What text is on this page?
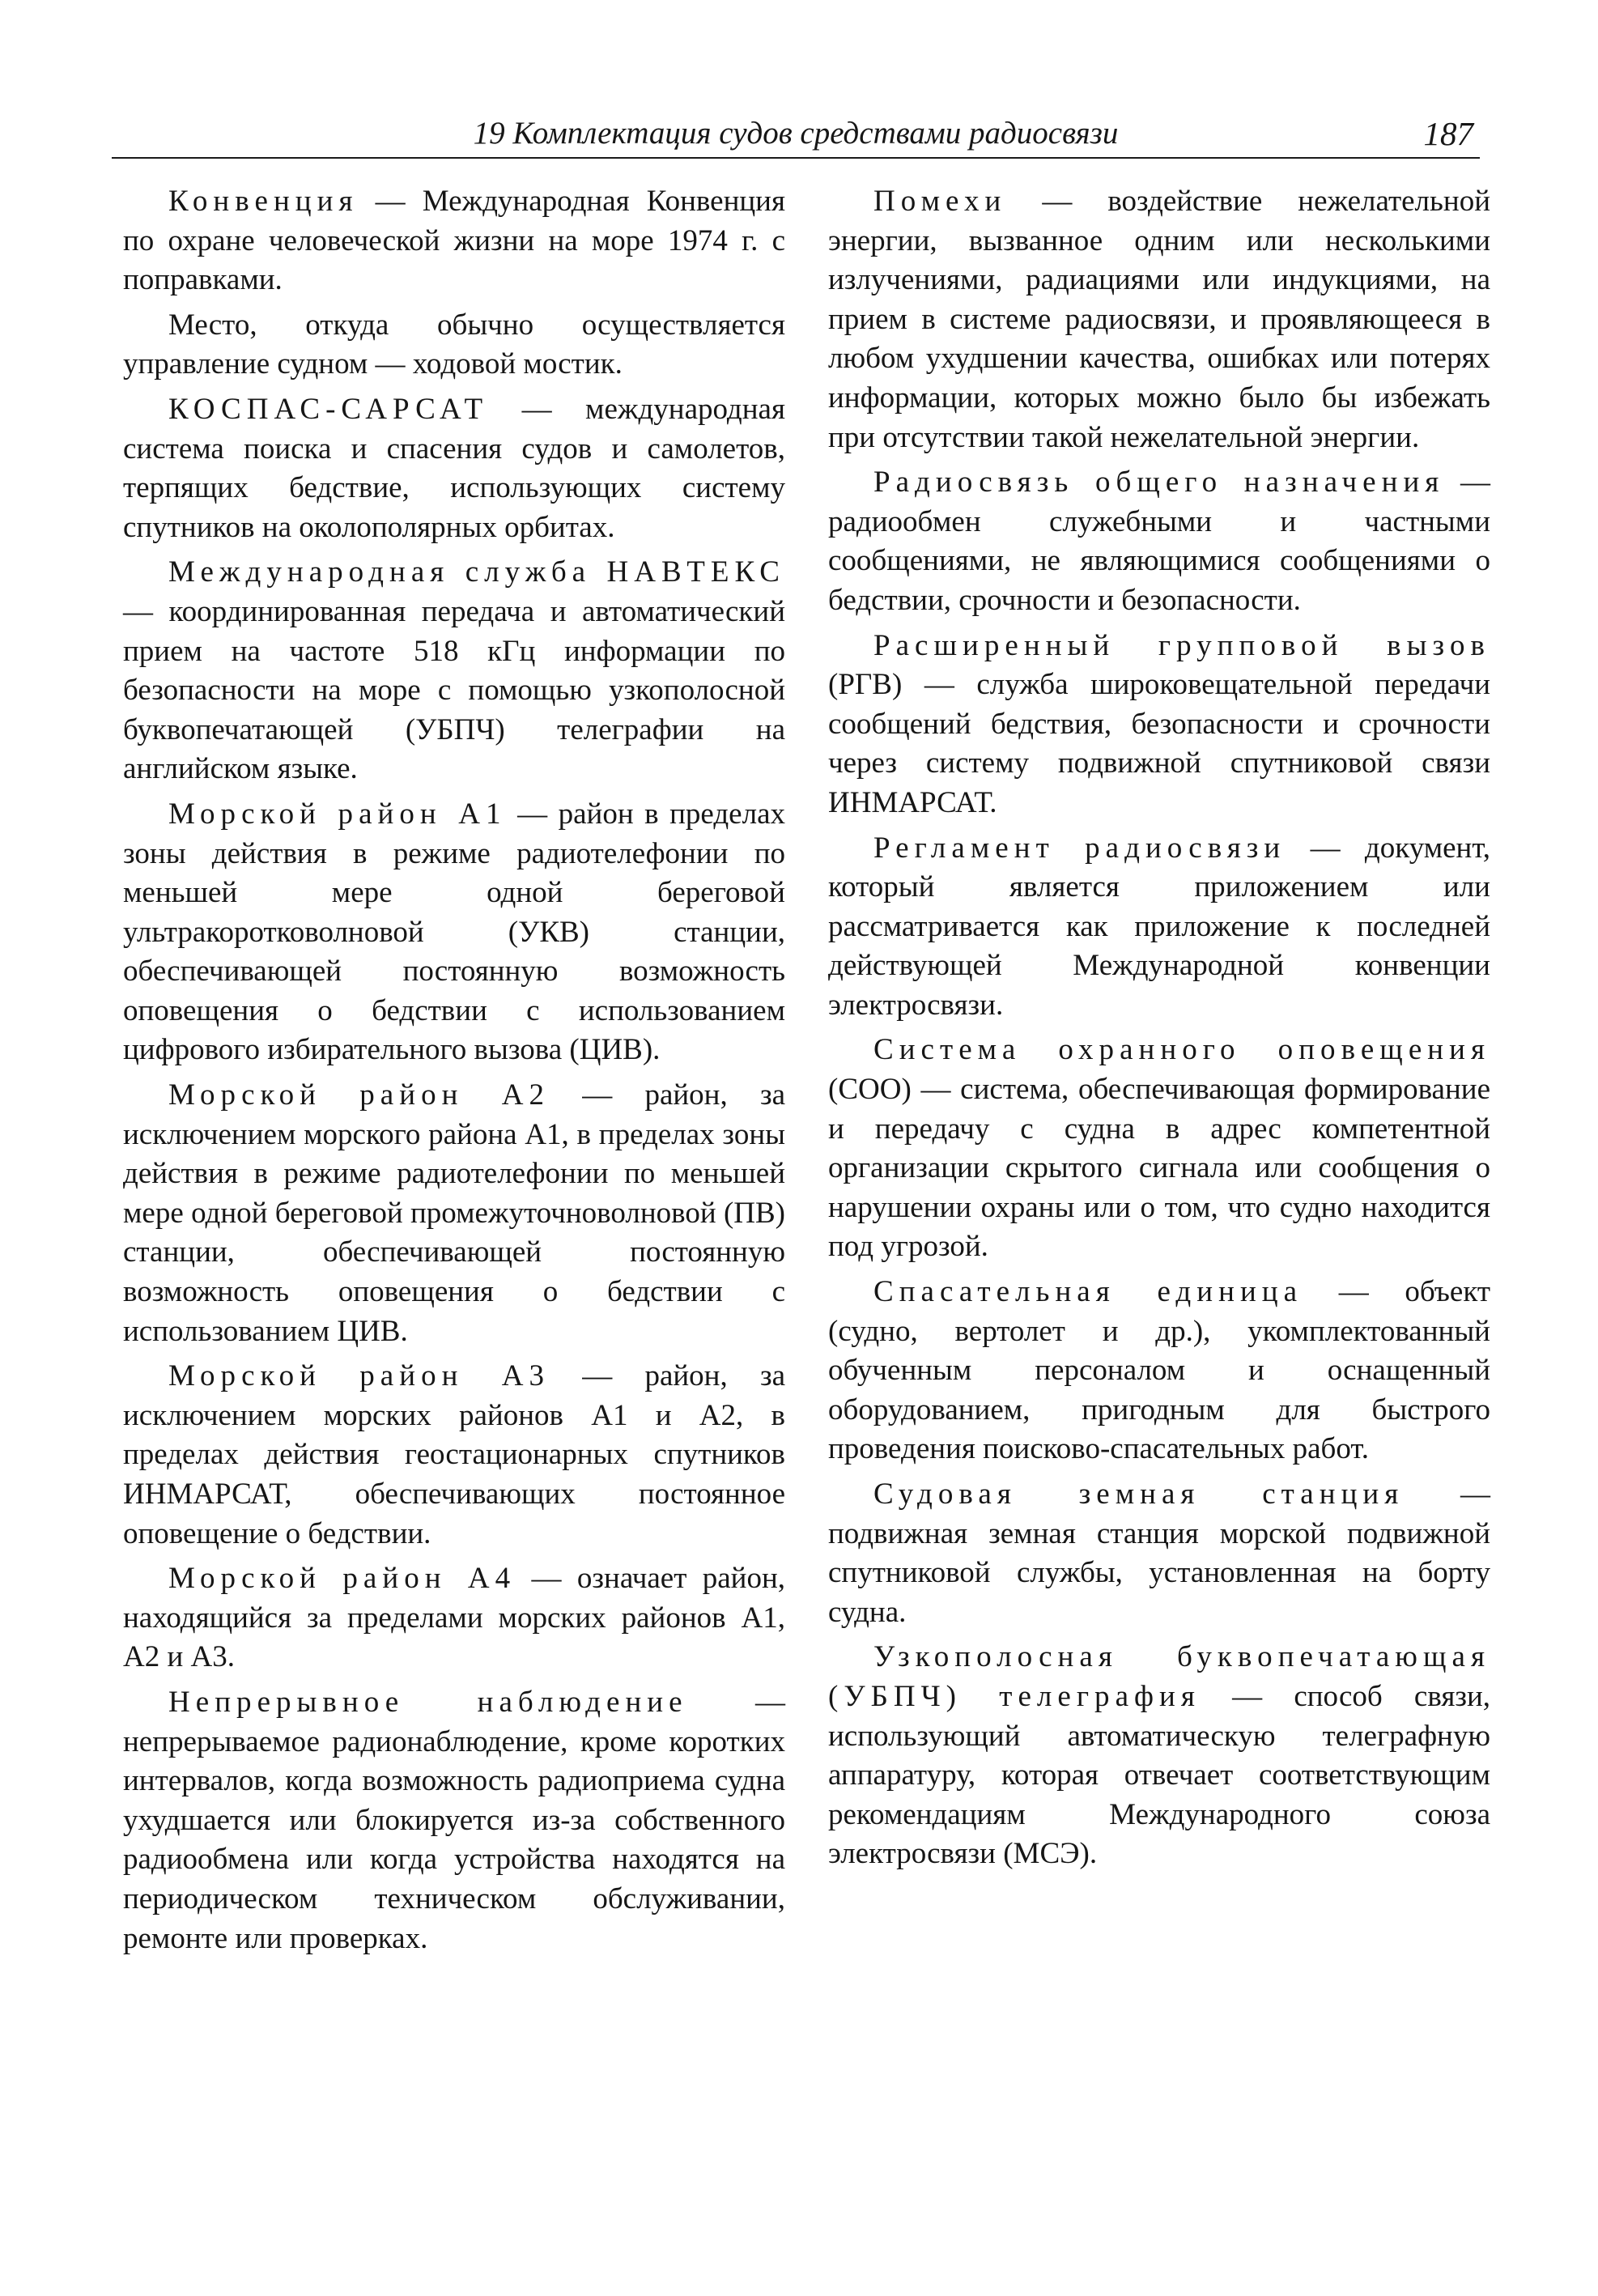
19 Комплектация судов средствами радиосвязи	187

Конвенция — Международная Конвенция по охране человеческой жизни на море 1974 г. с поправками.

Место, откуда обычно осуществляется управление судном — ходовой мостик.

КОСПАС-САРСАТ — международная система поиска и спасения судов и самолетов, терпящих бедствие, использующих систему спутников на околополярных орбитах.

Международная служба НАВТЕКС — координированная передача и автоматический прием на частоте 518 кГц информации по безопасности на море с помощью узкополосной буквопечатающей (УБПЧ) телеграфии на английском языке.

Морской район А1 — район в пределах зоны действия в режиме радиотелефонии по меньшей мере одной береговой ультракоротковолновой (УКВ) станции, обеспечивающей постоянную возможность оповещения о бедствии с использованием цифрового избирательного вызова (ЦИВ).

Морской район А2 — район, за исключением морского района А1, в пределах зоны действия в режиме радиотелефонии по меньшей мере одной береговой промежуточноволновой (ПВ) станции, обеспечивающей постоянную возможность оповещения о бедствии с использованием ЦИВ.

Морской район А3 — район, за исключением морских районов А1 и А2, в пределах действия геостационарных спутников ИНМАРСАТ, обеспечивающих постоянное оповещение о бедствии.

Морской район А4 — означает район, находящийся за пределами морских районов А1, А2 и А3.

Непрерывное наблюдение — непрерываемое радионаблюдение, кроме коротких интервалов, когда возможность радиоприема судна ухудшается или блокируется из-за собственного радиообмена или когда устройства находятся на периодическом техническом обслуживании, ремонте или проверках.

Помехи — воздействие нежелательной энергии, вызванное одним или несколькими излучениями, радиациями или индукциями, на прием в системе радиосвязи, и проявляющееся в любом ухудшении качества, ошибках или потерях информации, которых можно было бы избежать при отсутствии такой нежелательной энергии.

Радиосвязь общего назначения — радиообмен служебными и частными сообщениями, не являющимися сообщениями о бедствии, срочности и безопасности.

Расширенный групповой вызов (РГВ) — служба широковещательной передачи сообщений бедствия, безопасности и срочности через систему подвижной спутниковой связи ИНМАРСАТ.

Регламент радиосвязи — документ, который является приложением или рассматривается как приложение к последней действующей Международной конвенции электросвязи.

Система охранного оповещения (СОО) — система, обеспечивающая формирование и передачу с судна в адрес компетентной организации скрытого сигнала или сообщения о нарушении охраны или о том, что судно находится под угрозой.

Спасательная единица — объект (судно, вертолет и др.), укомплектованный обученным персоналом и оснащенный оборудованием, пригодным для быстрого проведения поисково-спасательных работ.

Судовая земная станция — подвижная земная станция морской подвижной спутниковой службы, установленная на борту судна.

Узкополосная буквопечатающая (УБПЧ) телеграфия — способ связи, использующий автоматическую телеграфную аппаратуру, которая отвечает соответствующим рекомендациям Международного союза электросвязи (МСЭ).
